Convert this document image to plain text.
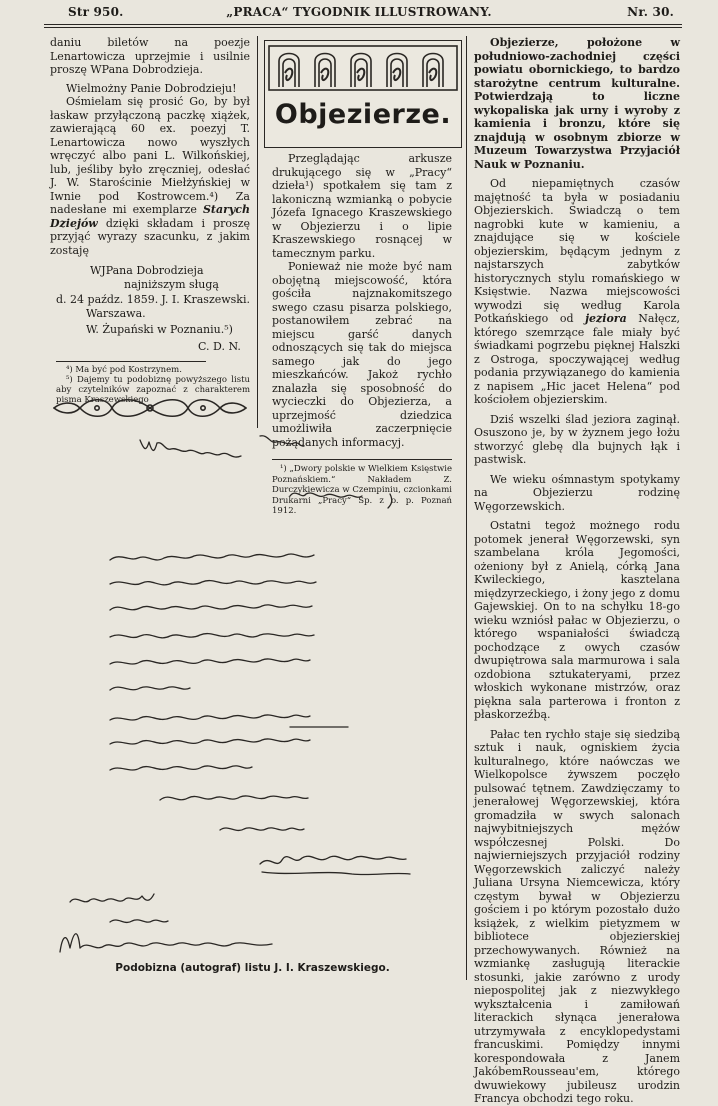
Str 950.	„PRACA“ TYGODNIK ILLUSTROWANY.	Nr. 30.

daniu biletów na poezje Lenartowicza uprzejmie i usilnie proszę WPana Dobrodzieja.

Wielmożny Panie Dobrodzieju!

Ośmielam się prosić Go, by był łaskaw przyłączoną paczkę xiążek, zawierającą 60 ex. poezyj T. Lenartowicza nowo wyszłych wręczyć albo pani L. Wilkońskiej, lub, jeśliby było zręczniej, odesłać J. W. Starościnie Miełżyńskiej w Iwnie pod Kostrowcem.⁴) Za nadesłane mi exemplarze Starych Dziejów dzięki składam i proszę przyjąć wyrazy szacunku, z jakim zostaję

WJPana Dobrodzieja

najniższym sługą

d. 24 paźdz. 1859. J. I. Kraszewski.

Warszawa.

W. Żupański w Poznaniu.⁵)

C. D. N.

⁴) Ma być pod Kostrzynem.

⁵) Dajemy tu podobiznę powyższego listu aby czytelników zapoznać z charakterem pisma Kraszewskiego

Objezierze.

Przeglądając arkusze drukującego się w „Pracy“ dzieła¹) spotkałem się tam z lakoniczną wzmianką o pobycie Józefa Ignacego Kraszewskiego w Objezierzu i o lipie Kraszewskiego rosnącej w tamecznym parku.

Ponieważ nie może być nam obojętną miejscowość, która gościła najznakomitszego swego czasu pisarza polskiego, postanowiłem zebrać na miejscu garść danych odnoszących się tak do miejsca samego jak do jego mieszkańców. Jakoż rychło znalazła się sposobność do wycieczki do Objezierza, a uprzejmość dziedzica umożliwiła zaczerpnięcie pożądanych informacyj.

¹) „Dwory polskie w Wielkiem Księstwie Poznańskiem.“ Nakładem Z. Durczykiewicza w Czempiniu, czcionkami Drukarni „Pracy“ Sp. z o. p. Poznań 1912.

Objezierze, położone w południowo-zachodniej części powiatu obornickiego, to bardzo starożytne centrum kulturalne. Potwierdzają to liczne wykopaliska jak urny i wyroby z kamienia i bronzu, które się znajdują w osobnym zbiorze w Muzeum Towarzystwa Przyjaciół Nauk w Poznaniu.

Od niepamiętnych czasów majętność ta była w posiadaniu Objezierskich. Świadczą o tem nagrobki kute w kamieniu, a znajdujące się w kościele objezierskim, będącym jednym z najstarszych zabytków historycznych stylu romańskiego w Księstwie. Nazwa miejscowości wywodzi się według Karola Potkańskiego od jeziora Nałęcz, którego szemrzące fale miały być świadkami pogrzebu pięknej Halszki z Ostroga, spoczywającej według podania przywiązanego do kamienia z napisem „Hic jacet Helena“ pod kościołem objezierskim.

Dziś wszelki ślad jeziora zaginął. Osuszono je, by w żyznem jego łożu stworzyć glebę dla bujnych łąk i pastwisk.

We wieku ośmnastym spotykamy na Objezierzu rodzinę Węgorzewskich.

Ostatni tegoż możnego rodu potomek jenerał Węgorzewski, syn szambelana króla Jegomości, ożeniony był z Anielą, córką Jana Kwileckiego, kasztelana międzyrzeckiego, i żony jego z domu Gajewskiej. On to na schyłku 18-go wieku wzniósł pałac w Objezierzu, o którego wspaniałości świadczą pochodzące z owych czasów dwupiętrowa sala marmurowa i sala ozdobiona sztukateryami, przez włoskich wykonane mistrzów, oraz piękna sala parterowa i fronton z płaskorzeźbą.

Pałac ten rychło staje się siedzibą sztuk i nauk, ogniskiem życia kulturalnego, które naówczas we Wielkopolsce żywszem poczęło pulsować tętnem. Zawdzięczamy to jenerałowej Węgorzewskiej, która gromadziła w swych salonach najwybitniejszych mężów współczesnej Polski. Do najwierniejszych przyjaciół rodziny Węgorzewskich zaliczyć należy Juliana Ursyna Niemcewicza, który częstym bywał w Objezierzu gościem i po którym pozostało dużo książek, z wielkim pietyzmem w bibliotece objezierskiej przechowywanych. Również na wzmiankę zasługują literackie stosunki, jakie zarówno z urody niepospolitej jak z niezwykłego wykształcenia i zamiłowań literackich słynąca jenerałowa utrzymywała z encyklopedystami francuskimi. Pomiędzy innymi korespondowała z Janem JakóbemRousseau'em, którego dwuwiekowy jubileusz urodzin Francya obchodzi tego roku.

Podobizna (autograf) listu J. I. Kraszewskiego.
